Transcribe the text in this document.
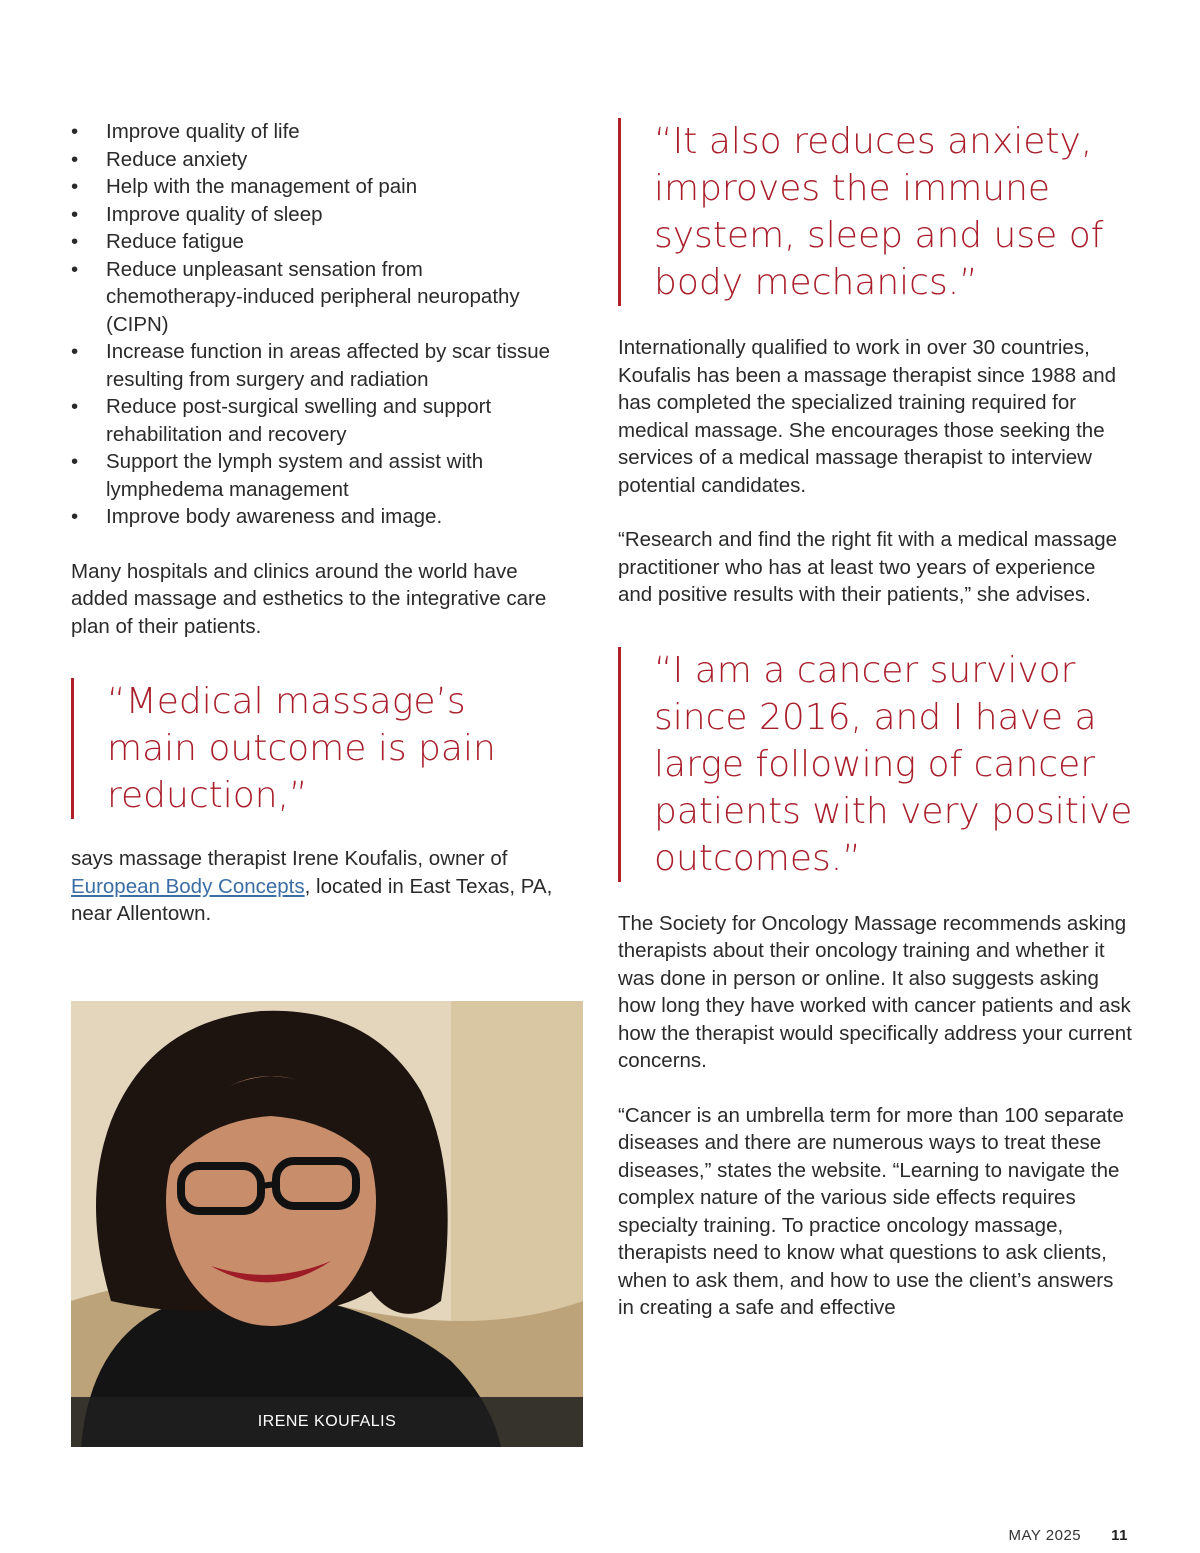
• Improve quality of life
• Reduce anxiety
• Help with the management of pain
• Improve quality of sleep
• Reduce fatigue
• Reduce unpleasant sensation from chemotherapy-induced peripheral neuropathy (CIPN)
• Increase function in areas affected by scar tissue resulting from surgery and radiation
• Reduce post-surgical swelling and support rehabilitation and recovery
• Support the lymph system and assist with lymphedema management
• Improve body awareness and image.

Many hospitals and clinics around the world have added massage and esthetics to the integrative care plan of their patients.

“Medical massage’s main outcome is pain reduction,”

says massage therapist Irene Koufalis, owner of European Body Concepts, located in East Texas, PA, near Allentown.

IRENE KOUFALIS

“It also reduces anxiety, improves the immune system, sleep and use of body mechanics.”

Internationally qualified to work in over 30 countries, Koufalis has been a massage therapist since 1988 and has completed the specialized training required for medical massage. She encourages those seeking the services of a medical massage therapist to interview potential candidates.

“Research and find the right fit with a medical massage practitioner who has at least two years of experience and positive results with their patients,” she advises.

“I am a cancer survivor since 2016, and I have a large following of cancer patients with very positive outcomes.”

The Society for Oncology Massage recommends asking therapists about their oncology training and whether it was done in person or online. It also suggests asking how long they have worked with cancer patients and ask how the therapist would specifically address your current concerns.

“Cancer is an umbrella term for more than 100 separate diseases and there are numerous ways to treat these diseases,” states the website. “Learning to navigate the complex nature of the various side effects requires specialty training. To practice oncology massage, therapists need to know what questions to ask clients, when to ask them, and how to use the client’s answers in creating a safe and effective

MAY 2025 11
